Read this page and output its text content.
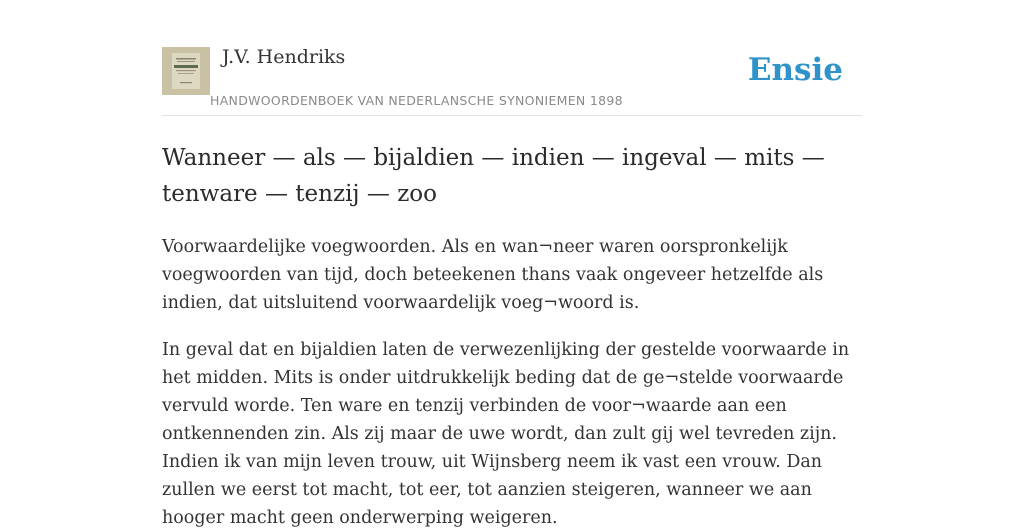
J.V. Hendriks
HANDWOORDENBOEK VAN NEDERLANSCHE SYNONIEMEN 1898
Ensie
Wanneer — als — bijaldien — indien — ingeval — mits — tenware — tenzij — zoo

Voorwaardelijke voegwoorden. Als en wan¬neer waren oorspronkelijk voegwoorden van tijd, doch beteekenen thans vaak ongeveer hetzelfde als indien, dat uitsluitend voorwaardelijk voeg¬woord is.

In geval dat en bijaldien laten de verwezenlijking der gestelde voorwaarde in het midden. Mits is onder uitdrukkelijk beding dat de ge¬stelde voorwaarde vervuld worde. Ten ware en tenzij verbinden de voor¬waarde aan een ontkennenden zin. Als zij maar de uwe wordt, dan zult gij wel tevreden zijn. Indien ik van mijn leven trouw, uit Wijnsberg neem ik vast een vrouw. Dan zullen we eerst tot macht, tot eer, tot aanzien steigeren, wanneer we aan hooger macht geen onderwerping weigeren.
